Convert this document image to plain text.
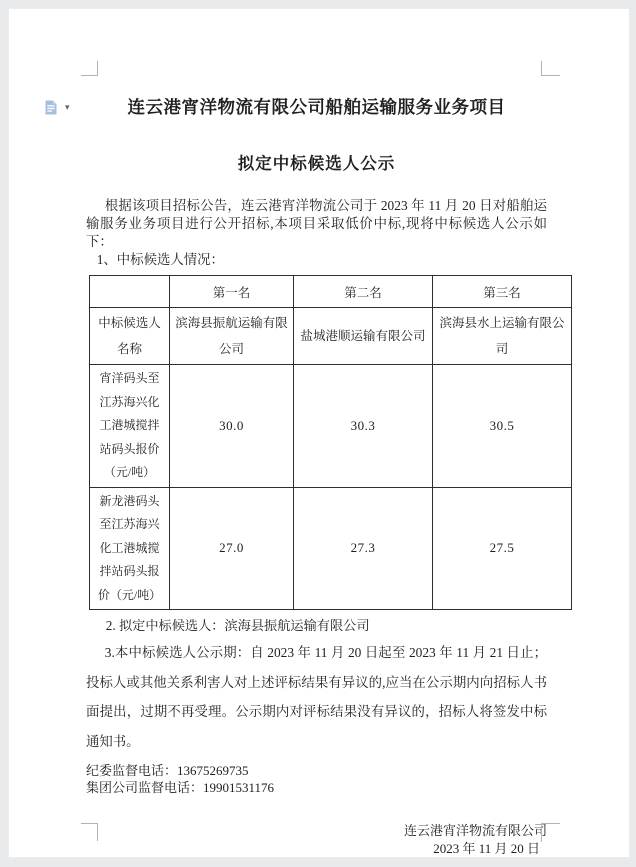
▾	连云港宵洋物流有限公司船舶运输服务业务项目
拟定中标候选人公示

根据该项目招标公告，连云港宵洋物流公司于 2023 年 11 月 20 日对船舶运输服务业务项目进行公开招标,本项目采取低价中标,现将中标候选人公示如下：

1、中标候选人情况：

	第一名	第二名	第三名
中标候选人名称	滨海县振航运输有限公司	盐城港顺运输有限公司	滨海县水上运输有限公司
宵洋码头至江苏海兴化工港城搅拌站码头报价（元/吨）	30.0	30.3	30.5
新龙港码头至江苏海兴化工港城搅拌站码头报价（元/吨）	27.0	27.3	27.5

2. 拟定中标候选人：滨海县振航运输有限公司

3.本中标候选人公示期：自 2023 年 11 月 20 日起至 2023 年 11 月 21 日止；投标人或其他关系利害人对上述评标结果有异议的,应当在公示期内向招标人书面提出，过期不再受理。公示期内对评标结果没有异议的，招标人将签发中标通知书。

纪委监督电话：13675269735

集团公司监督电话：19901531176

连云港宵洋物流有限公司

2023 年 11 月 20 日
